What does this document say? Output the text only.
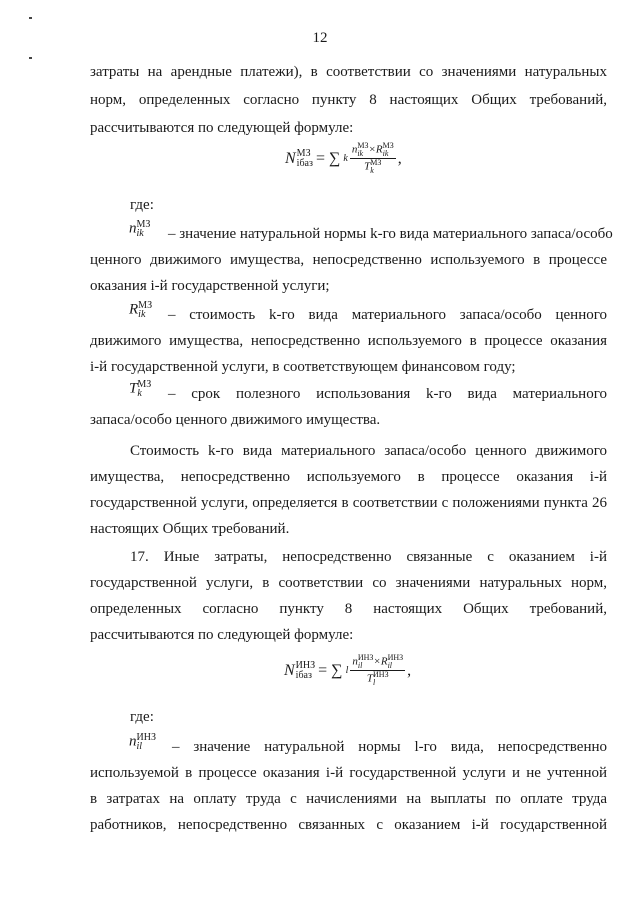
12
затраты на арендные платежи), в соответствии со значениями натуральных
норм, определенных согласно пункту 8 настоящих Общих требований,
рассчитываются по следующей формуле:
N МЗ
iбаз = ∑ k n МЗ
ik ×R МЗ
ik
T МЗ
k ,
где:
– значение натуральной нормы k-го вида материального запаса/особо
n МЗ
ik
ценного движимого имущества, непосредственно используемого в процессе
оказания i-й государственной услуги;
R МЗ
ik	– стоимость k-го вида материального запаса/особо ценного
движимого имущества, непосредственно используемого в процессе оказания
i-й государственной услуги, в соответствующем финансовом году;
T МЗ
k	– срок полезного использования k-го вида материального
запаса/особо ценного движимого имущества.
Стоимость k-го вида материального запаса/особо ценного движимого
имущества, непосредственно используемого в процессе оказания i-й
государственной услуги, определяется в соответствии с положениями пункта 26
настоящих Общих требований.
17. Иные затраты, непосредственно связанные с оказанием i-й
государственной услуги, в соответствии со значениями натуральных норм,
определенных согласно пункту 8 настоящих Общих требований,
рассчитываются по следующей формуле:
N ИНЗ
iбаз = ∑ l n ИНЗ
il	×R ИНЗ
il
T ИНЗ
l ,
где:
n ИНЗ
il	– значение натуральной нормы l-го вида, непосредственно
используемой в процессе оказания i-й государственной услуги и не учтенной
в затратах на оплату труда с начислениями на выплаты по оплате труда
работников, непосредственно связанных с оказанием i-й государственной
